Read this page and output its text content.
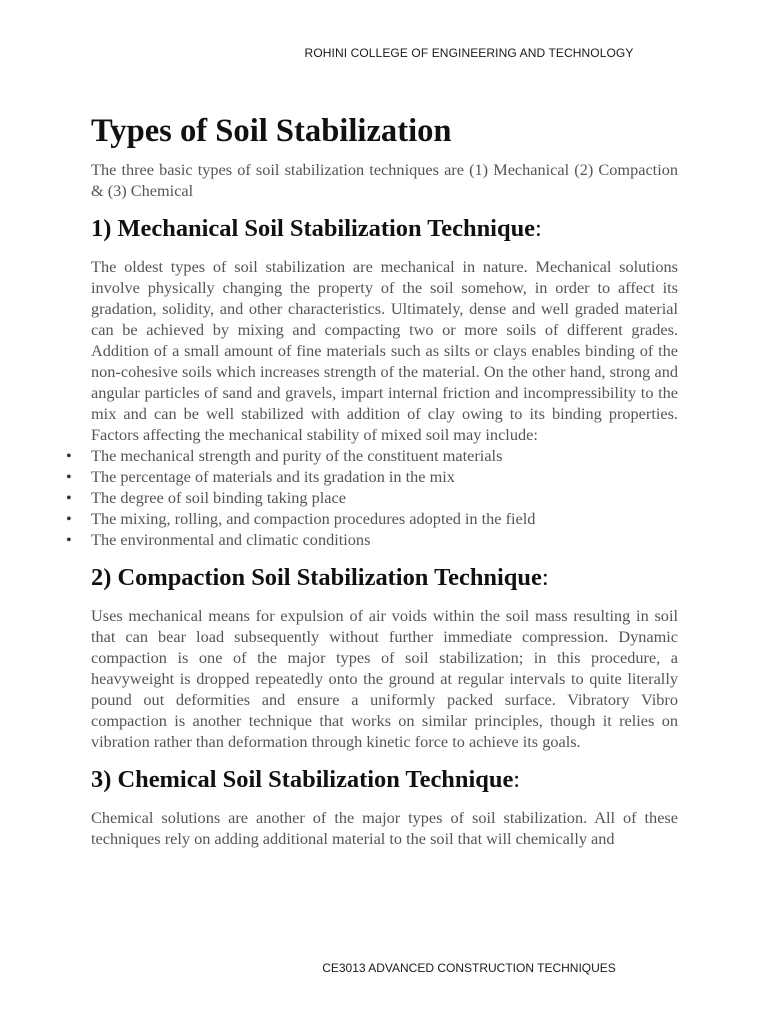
ROHINI COLLEGE OF ENGINEERING AND TECHNOLOGY
Types of Soil Stabilization

The three basic types of soil stabilization techniques are (1) Mechanical (2) Compaction & (3) Chemical

1) Mechanical Soil Stabilization Technique:

The oldest types of soil stabilization are mechanical in nature. Mechanical solutions involve physically changing the property of the soil somehow, in order to affect its gradation, solidity, and other characteristics. Ultimately, dense and well graded material can be achieved by mixing and compacting two or more soils of different grades. Addition of a small amount of fine materials such as silts or clays enables binding of the non-cohesive soils which increases strength of the material. On the other hand, strong and angular particles of sand and gravels, impart internal friction and incompressibility to the mix and can be well stabilized with addition of clay owing to its binding properties. Factors affecting the mechanical stability of mixed soil may include:

• The mechanical strength and purity of the constituent materials
• The percentage of materials and its gradation in the mix
• The degree of soil binding taking place
• The mixing, rolling, and compaction procedures adopted in the field
• The environmental and climatic conditions
2) Compaction Soil Stabilization Technique:

Uses mechanical means for expulsion of air voids within the soil mass resulting in soil that can bear load subsequently without further immediate compression. Dynamic compaction is one of the major types of soil stabilization; in this procedure, a heavyweight is dropped repeatedly onto the ground at regular intervals to quite literally pound out deformities and ensure a uniformly packed surface. Vibratory Vibro compaction is another technique that works on similar principles, though it relies on vibration rather than deformation through kinetic force to achieve its goals.

3) Chemical Soil Stabilization Technique:

Chemical solutions are another of the major types of soil stabilization. All of these techniques rely on adding additional material to the soil that will chemically and

CE3013 ADVANCED CONSTRUCTION TECHNIQUES
